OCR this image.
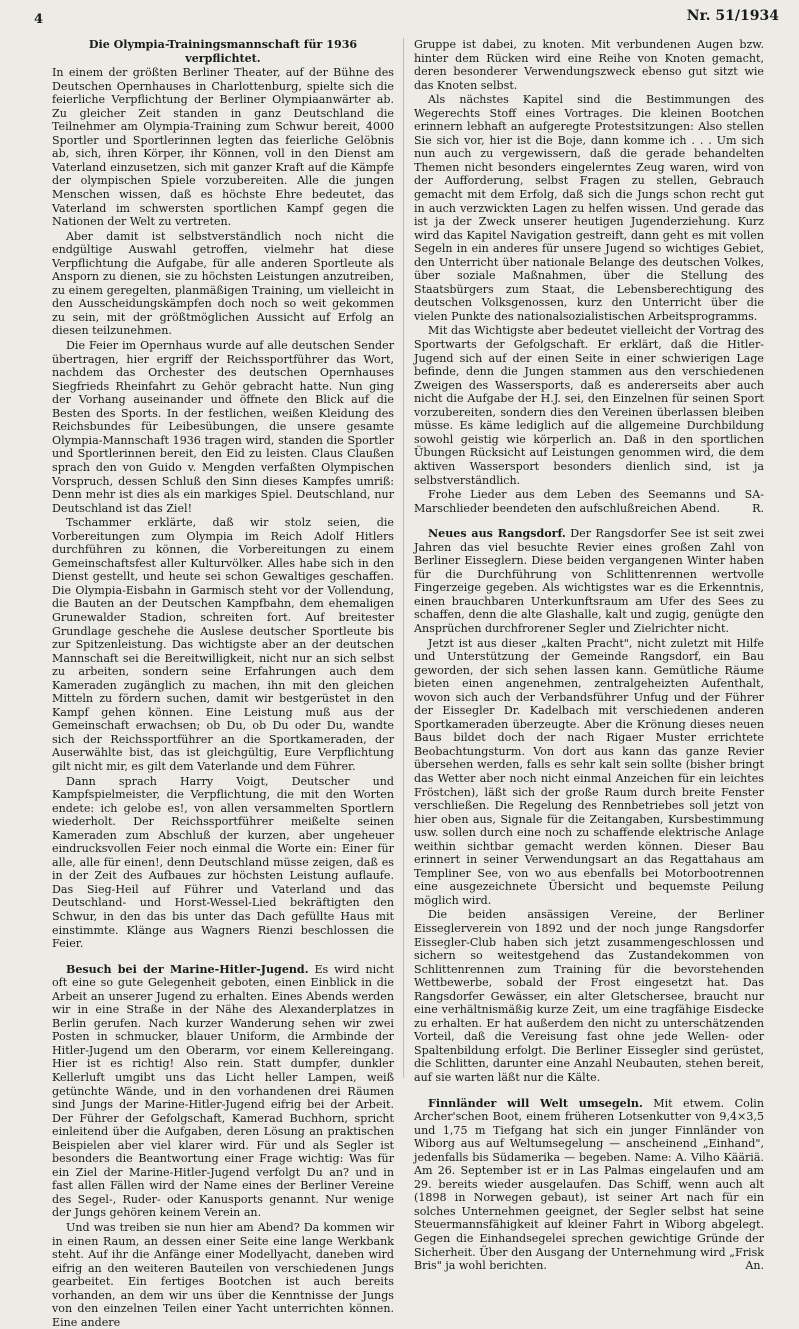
4	Nr. 51/1934

Die Olympia-Trainingsmannschaft für 1936 verpflichtet.

In einem der größten Berliner Theater, auf der Bühne des Deutschen Opernhauses in Charlottenburg, spielte sich die feierliche Verpflichtung der Berliner Olympiaanwärter ab. Zu gleicher Zeit standen in ganz Deutschland die Teilnehmer am Olympia-Training zum Schwur bereit, 4000 Sportler und Sportlerinnen legten das feierliche Gelöbnis ab, sich, ihren Körper, ihr Können, voll in den Dienst am Vaterland einzusetzen, sich mit ganzer Kraft auf die Kämpfe der olympischen Spiele vorzubereiten. Alle die jungen Menschen wissen, daß es höchste Ehre bedeutet, das Vaterland im schwersten sportlichen Kampf gegen die Nationen der Welt zu vertreten.

Aber damit ist selbstverständlich noch nicht die endgültige Auswahl getroffen, vielmehr hat diese Verpflichtung die Aufgabe, für alle anderen Sportleute als Ansporn zu dienen, sie zu höchsten Leistungen anzutreiben, zu einem geregelten, planmäßigen Training, um vielleicht in den Ausscheidungskämpfen doch noch so weit gekommen zu sein, mit der größtmöglichen Aussicht auf Erfolg an diesen teilzunehmen.

Die Feier im Opernhaus wurde auf alle deutschen Sender übertragen, hier ergriff der Reichssportführer das Wort, nachdem das Orchester des deutschen Opernhauses Siegfrieds Rheinfahrt zu Gehör gebracht hatte. Nun ging der Vorhang auseinander und öffnete den Blick auf die Besten des Sports. In der festlichen, weißen Kleidung des Reichsbundes für Leibesübungen, die unsere gesamte Olympia-Mannschaft 1936 tragen wird, standen die Sportler und Sportlerinnen bereit, den Eid zu leisten. Claus Claußen sprach den von Guido v. Mengden verfaßten Olympischen Vorspruch, dessen Schluß den Sinn dieses Kampfes umriß: Denn mehr ist dies als ein markiges Spiel. Deutschland, nur Deutschland ist das Ziel!

Tschammer erklärte, daß wir stolz seien, die Vorbereitungen zum Olympia im Reich Adolf Hitlers durchführen zu können, die Vorbereitungen zu einem Gemeinschaftsfest aller Kulturvölker. Alles habe sich in den Dienst gestellt, und heute sei schon Gewaltiges geschaffen. Die Olympia-Eisbahn in Garmisch steht vor der Vollendung, die Bauten an der Deutschen Kampfbahn, dem ehemaligen Grunewalder Stadion, schreiten fort. Auf breitester Grundlage geschehe die Auslese deutscher Sportleute bis zur Spitzenleistung. Das wichtigste aber an der deutschen Mannschaft sei die Bereitwilligkeit, nicht nur an sich selbst zu arbeiten, sondern seine Erfahrungen auch dem Kameraden zugänglich zu machen, ihn mit den gleichen Mitteln zu fördern suchen, damit wir bestgerüstet in den Kampf gehen können. Eine Leistung muß aus der Gemeinschaft erwachsen; ob Du, ob Du oder Du, wandte sich der Reichssportführer an die Sportkameraden, der Auserwählte bist, das ist gleichgültig, Eure Verpflichtung gilt nicht mir, es gilt dem Vaterlande und dem Führer.

Dann sprach Harry Voigt, Deutscher und Kampfspielmeister, die Verpflichtung, die mit den Worten endete: ich gelobe es!, von allen versammelten Sportlern wiederholt. Der Reichssportführer meißelte seinen Kameraden zum Abschluß der kurzen, aber ungeheuer eindrucksvollen Feier noch einmal die Worte ein: Einer für alle, alle für einen!, denn Deutschland müsse zeigen, daß es in der Zeit des Aufbaues zur höchsten Leistung auflaufe. Das Sieg-Heil auf Führer und Vaterland und das Deutschland- und Horst-Wessel-Lied bekräftigten den Schwur, in den das bis unter das Dach gefüllte Haus mit einstimmte. Klänge aus Wagners Rienzi beschlossen die Feier.

Besuch bei der Marine-Hitler-Jugend. Es wird nicht oft eine so gute Gelegenheit geboten, einen Einblick in die Arbeit an unserer Jugend zu erhalten. Eines Abends werden wir in eine Straße in der Nähe des Alexanderplatzes in Berlin gerufen. Nach kurzer Wanderung sehen wir zwei Posten in schmucker, blauer Uniform, die Armbinde der Hitler-Jugend um den Oberarm, vor einem Kellereingang. Hier ist es richtig! Also rein. Statt dumpfer, dunkler Kellerluft umgibt uns das Licht heller Lampen, weiß getünchte Wände, und in den vorhandenen drei Räumen sind Jungs der Marine-Hitler-Jugend eifrig bei der Arbeit. Der Führer der Gefolgschaft, Kamerad Buchhorn, spricht einleitend über die Aufgaben, deren Lösung an praktischen Beispielen aber viel klarer wird. Für und als Segler ist besonders die Beantwortung einer Frage wichtig: Was für ein Ziel der Marine-Hitler-Jugend verfolgt Du an? und in fast allen Fällen wird der Name eines der Berliner Vereine des Segel-, Ruder- oder Kanusports genannt. Nur wenige der Jungs gehören keinem Verein an.

Und was treiben sie nun hier am Abend? Da kommen wir in einen Raum, an dessen einer Seite eine lange Werkbank steht. Auf ihr die Anfänge einer Modellyacht, daneben wird eifrig an den weiteren Bauteilen von verschiedenen Jungs gearbeitet. Ein fertiges Bootchen ist auch bereits vorhanden, an dem wir uns über die Kenntnisse der Jungs von den einzelnen Teilen einer Yacht unterrichten können. Eine andere

Gruppe ist dabei, zu knoten. Mit verbundenen Augen bzw. hinter dem Rücken wird eine Reihe von Knoten gemacht, deren besonderer Verwendungszweck ebenso gut sitzt wie das Knoten selbst.

Als nächstes Kapitel sind die Bestimmungen des Wegerechts Stoff eines Vortrages. Die kleinen Bootchen erinnern lebhaft an aufgeregte Protestsitzungen: Also stellen Sie sich vor, hier ist die Boje, dann komme ich . . . Um sich nun auch zu vergewissern, daß die gerade behandelten Themen nicht besonders eingelerntes Zeug waren, wird von der Aufforderung, selbst Fragen zu stellen, Gebrauch gemacht mit dem Erfolg, daß sich die Jungs schon recht gut in auch verzwickten Lagen zu helfen wissen. Und gerade das ist ja der Zweck unserer heutigen Jugenderziehung. Kurz wird das Kapitel Navigation gestreift, dann geht es mit vollen Segeln in ein anderes für unsere Jugend so wichtiges Gebiet, den Unterricht über nationale Belange des deutschen Volkes, über soziale Maßnahmen, über die Stellung des Staatsbürgers zum Staat, die Lebensberechtigung des deutschen Volksgenossen, kurz den Unterricht über die vielen Punkte des nationalsozialistischen Arbeitsprogramms.

Mit das Wichtigste aber bedeutet vielleicht der Vortrag des Sportwarts der Gefolgschaft. Er erklärt, daß die Hitler-Jugend sich auf der einen Seite in einer schwierigen Lage befinde, denn die Jungen stammen aus den verschiedenen Zweigen des Wassersports, daß es andererseits aber auch nicht die Aufgabe der H.J. sei, den Einzelnen für seinen Sport vorzubereiten, sondern dies den Vereinen überlassen bleiben müsse. Es käme lediglich auf die allgemeine Durchbildung sowohl geistig wie körperlich an. Daß in den sportlichen Übungen Rücksicht auf Leistungen genommen wird, die dem aktiven Wassersport besonders dienlich sind, ist ja selbstverständlich.

Frohe Lieder aus dem Leben des Seemanns und SA-Marschlieder beendeten den aufschlußreichen Abend.	R.

Neues aus Rangsdorf. Der Rangsdorfer See ist seit zwei Jahren das viel besuchte Revier eines großen Zahl von Berliner Eisseglern. Diese beiden vergangenen Winter haben für die Durchführung von Schlittenrennen wertvolle Fingerzeige gegeben. Als wichtigstes war es die Erkenntnis, einen brauchbaren Unterkunftsraum am Ufer des Sees zu schaffen, denn die alte Glashalle, kalt und zugig, genügte den Ansprüchen durchfrorener Segler und Zielrichter nicht.

Jetzt ist aus dieser „kalten Pracht", nicht zuletzt mit Hilfe und Unterstützung der Gemeinde Rangsdorf, ein Bau geworden, der sich sehen lassen kann. Gemütliche Räume bieten einen angenehmen, zentralgeheizten Aufenthalt, wovon sich auch der Verbandsführer Unfug und der Führer der Eissegler Dr. Kadelbach mit verschiedenen anderen Sportkameraden überzeugte. Aber die Krönung dieses neuen Baus bildet doch der nach Rigaer Muster errichtete Beobachtungsturm. Von dort aus kann das ganze Revier übersehen werden, falls es sehr kalt sein sollte (bisher bringt das Wetter aber noch nicht einmal Anzeichen für ein leichtes Fröstchen), läßt sich der große Raum durch breite Fenster verschließen. Die Regelung des Rennbetriebes soll jetzt von hier oben aus, Signale für die Zeitangaben, Kursbestimmung usw. sollen durch eine noch zu schaffende elektrische Anlage weithin sichtbar gemacht werden können. Dieser Bau erinnert in seiner Verwendungsart an das Regattahaus am Templiner See, von wo aus ebenfalls bei Motorbootrennen eine ausgezeichnete Übersicht und bequemste Peilung möglich wird.

Die beiden ansässigen Vereine, der Berliner Eisseglerverein von 1892 und der noch junge Rangsdorfer Eissegler-Club haben sich jetzt zusammengeschlossen und sichern so weitestgehend das Zustandekommen von Schlittenrennen zum Training für die bevorstehenden Wettbewerbe, sobald der Frost eingesetzt hat. Das Rangsdorfer Gewässer, ein alter Gletschersee, braucht nur eine verhältnismäßig kurze Zeit, um eine tragfähige Eisdecke zu erhalten. Er hat außerdem den nicht zu unterschätzenden Vorteil, daß die Vereisung fast ohne jede Wellen- oder Spaltenbildung erfolgt. Die Berliner Eissegler sind gerüstet, die Schlitten, darunter eine Anzahl Neubauten, stehen bereit, auf sie warten läßt nur die Kälte.

Finnländer will Welt umsegeln. Mit etwem. Colin Archer'schen Boot, einem früheren Lotsenkutter von 9,4×3,5 und 1,75 m Tiefgang hat sich ein junger Finnländer von Wiborg aus auf Weltumsegelung — anscheinend „Einhand", jedenfalls bis Südamerika — begeben. Name: A. Vilho Kääriä. Am 26. September ist er in Las Palmas eingelaufen und am 29. bereits wieder ausgelaufen. Das Schiff, wenn auch alt (1898 in Norwegen gebaut), ist seiner Art nach für ein solches Unternehmen geeignet, der Segler selbst hat seine Steuermannsfähigkeit auf kleiner Fahrt in Wiborg abgelegt. Gegen die Einhandsegelei sprechen gewichtige Gründe der Sicherheit. Über den Ausgang der Unternehmung wird „Frisk Bris" ja wohl berichten.	An.
